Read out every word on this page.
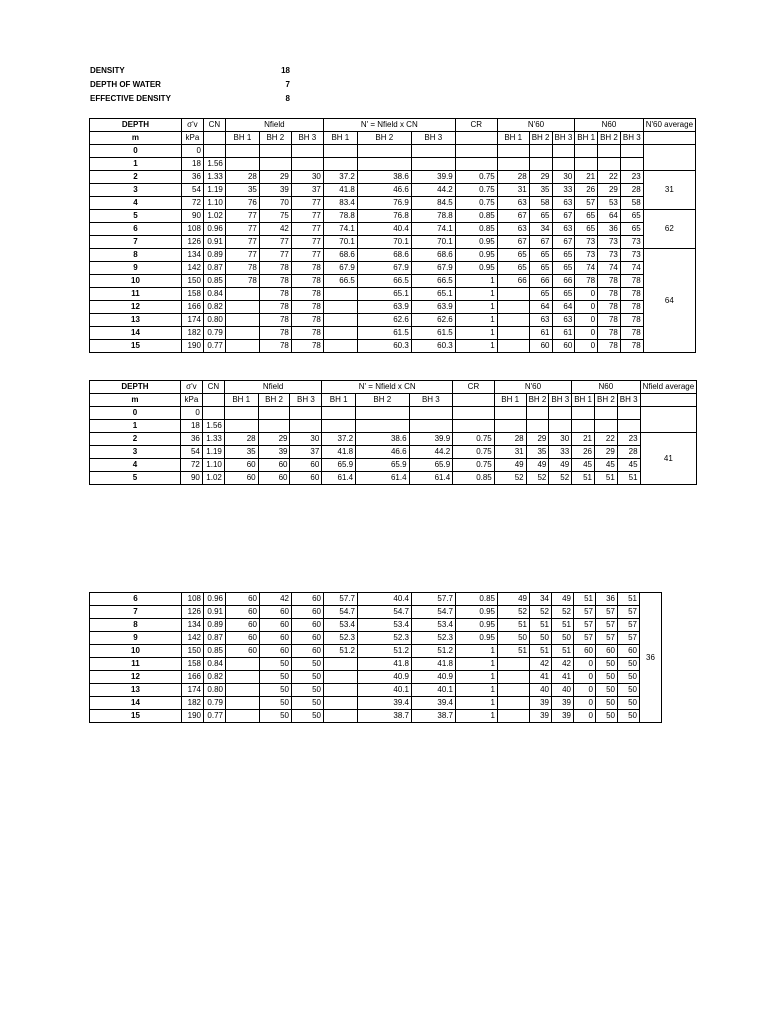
DENSITY	18
DEPTH OF WATER	7
EFFECTIVE DENSITY	8
DEPTH	σ'v	CN	Nfield			N' = Nfield x CN			CR	N'60			N60			N'60 average
m	kPa		BH 1	BH 2	BH 3	BH 1	BH 2	BH 3		BH 1	BH 2	BH 3	BH 1	BH 2	BH 3	
0	0															
1	18	1.56														
2	36	1.33	28	29	30	37.2	38.6	39.9	0.75	28	29	30	21	22	23	31
3	54	1.19	35	39	37	41.8	46.6	44.2	0.75	31	35	33	26	29	28	
4	72	1.10	76	70	77	83.4	76.9	84.5	0.75	63	58	63	57	53	58	
5	90	1.02	77	75	77	78.8	76.8	78.8	0.85	67	65	67	65	64	65	62
6	108	0.96	77	42	77	74.1	40.4	74.1	0.85	63	34	63	65	36	65	
7	126	0.91	77	77	77	70.1	70.1	70.1	0.95	67	67	67	73	73	73	
8	134	0.89	77	77	77	68.6	68.6	68.6	0.95	65	65	65	73	73	73	64
9	142	0.87	78	78	78	67.9	67.9	67.9	0.95	65	65	65	74	74	74	
10	150	0.85	78	78	78	66.5	66.5	66.5	1	66	66	66	78	78	78	
11	158	0.84		78	78		65.1	65.1	1		65	65	0	78	78	
12	166	0.82		78	78		63.9	63.9	1		64	64	0	78	78	
13	174	0.80		78	78		62.6	62.6	1		63	63	0	78	78	
14	182	0.79		78	78		61.5	61.5	1		61	61	0	78	78	
15	190	0.77		78	78		60.3	60.3	1		60	60	0	78	78	
DEPTH	σ'v	CN	Nfield			N' = Nfield x CN			CR	N'60			N60			Nfield average
m	kPa		BH 1	BH 2	BH 3	BH 1	BH 2	BH 3		BH 1	BH 2	BH 3	BH 1	BH 2	BH 3	
0	0															
1	18	1.56														
2	36	1.33	28	29	30	37.2	38.6	39.9	0.75	28	29	30	21	22	23	41
3	54	1.19	35	39	37	41.8	46.6	44.2	0.75	31	35	33	26	29	28	
4	72	1.10	60	60	60	65.9	65.9	65.9	0.75	49	49	49	45	45	45	
5	90	1.02	60	60	60	61.4	61.4	61.4	0.85	52	52	52	51	51	51	
6	108	0.96	60	42	60	57.7	40.4	57.7	0.85	49	34	49	51	36	51	36
7	126	0.91	60	60	60	54.7	54.7	54.7	0.95	52	52	52	57	57	57	
8	134	0.89	60	60	60	53.4	53.4	53.4	0.95	51	51	51	57	57	57	
9	142	0.87	60	60	60	52.3	52.3	52.3	0.95	50	50	50	57	57	57	
10	150	0.85	60	60	60	51.2	51.2	51.2	1	51	51	51	60	60	60	
11	158	0.84		50	50		41.8	41.8	1		42	42	0	50	50	
12	166	0.82		50	50		40.9	40.9	1		41	41	0	50	50	
13	174	0.80		50	50		40.1	40.1	1		40	40	0	50	50	
14	182	0.79		50	50		39.4	39.4	1		39	39	0	50	50	
15	190	0.77		50	50		38.7	38.7	1		39	39	0	50	50	
